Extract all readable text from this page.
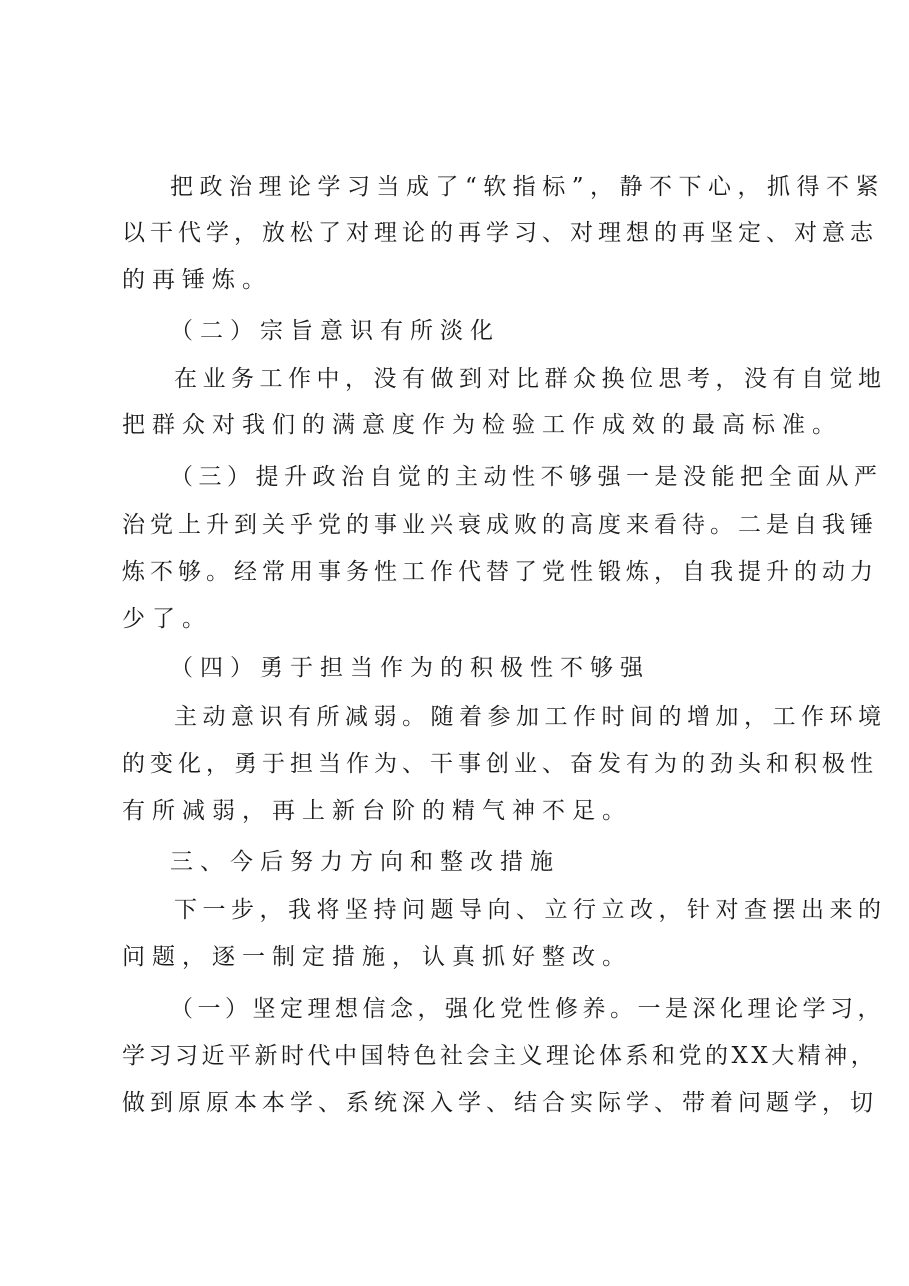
把政治理论学习当成了“软指标”，静不下心，抓得不紧
以干代学，放松了对理论的再学习、对理想的再坚定、对意志
的再锤炼。
（二）宗旨意识有所淡化
在业务工作中，没有做到对比群众换位思考，没有自觉地
把群众对我们的满意度作为检验工作成效的最高标准。
（三）提升政治自觉的主动性不够强一是没能把全面从严
治党上升到关乎党的事业兴衰成败的高度来看待。二是自我锤
炼不够。经常用事务性工作代替了党性锻炼，自我提升的动力
少了。
（四）勇于担当作为的积极性不够强
主动意识有所减弱。随着参加工作时间的增加，工作环境
的变化，勇于担当作为、干事创业、奋发有为的劲头和积极性
有所减弱，再上新台阶的精气神不足。
三、今后努力方向和整改措施
下一步，我将坚持问题导向、立行立改，针对查摆出来的
问题，逐一制定措施，认真抓好整改。
（一）坚定理想信念，强化党性修养。一是深化理论学习，
学习习近平新时代中国特色社会主义理论体系和党的XX大精神，
做到原原本本学、系统深入学、结合实际学、带着问题学，切
